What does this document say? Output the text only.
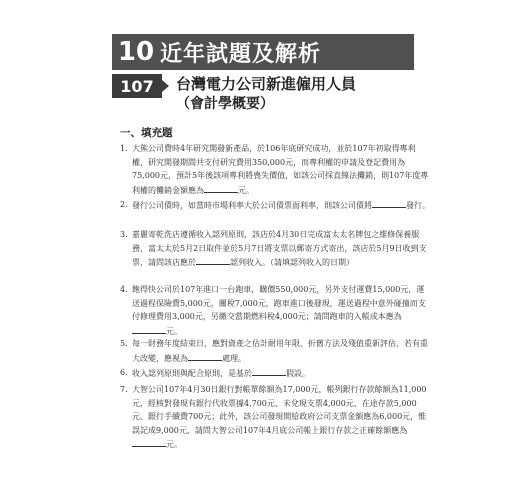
10 近年試題及解析
107	台灣電力公司新進僱用人員
（會計學概要）
一、填充題
1. 大熊公司費時4年研究開發新產品，於106年底研究成功，並於107年初取得專利權，研究開發期間共支付研究費用350,000元，而專利權的申請及登記費用為75,000元，預計5年後該項專利將喪失價值，如該公司採直線法攤銷，則107年度專利權的攤銷金額應為	元。
2. 發行公司債時，如當時市場利率大於公司債票面利率，則該公司債將	發行。
3. 嘉麗寄乾洗店遵循收入認列原則，該店於4月30日完成富太太名牌包之維修保養服務，富太太於5月2日取件並於5月7日將支票以郵寄方式寄出，該店於5月9日收到支票，請問該店應於	認列收入。（請填認列收入的日期）
4. 飽得快公司於107年進口一台跑車，購價550,000元，另外支付運費15,000元，運送過程保險費5,000元，關稅7,000元，跑車進口後發現，運送過程中意外碰撞而支付修理費用3,000元，另繳交當期燃料稅4,000元；請問跑車的入帳成本應為元。
5. 每一財務年度結束日，應對資產之估計耐用年限、折舊方法及殘值重新評估，若有重大改變，應視為	處理。
6. 收入認列原則與配合原則，是基於	假設。
7. 大智公司107年4月30日銀行對帳單餘額為17,000元，帳列銀行存款餘額為11,000元，經核對發現有銀行代收票據4,700元、未兌現支票4,000元、在途存款5,000元、銀行手續費700元；此外，該公司發現開給政府公司支票金額應為6,000元，惟誤記成9,000元，請問大智公司107年4月底公司帳上銀行存款之正確餘額應為元。
